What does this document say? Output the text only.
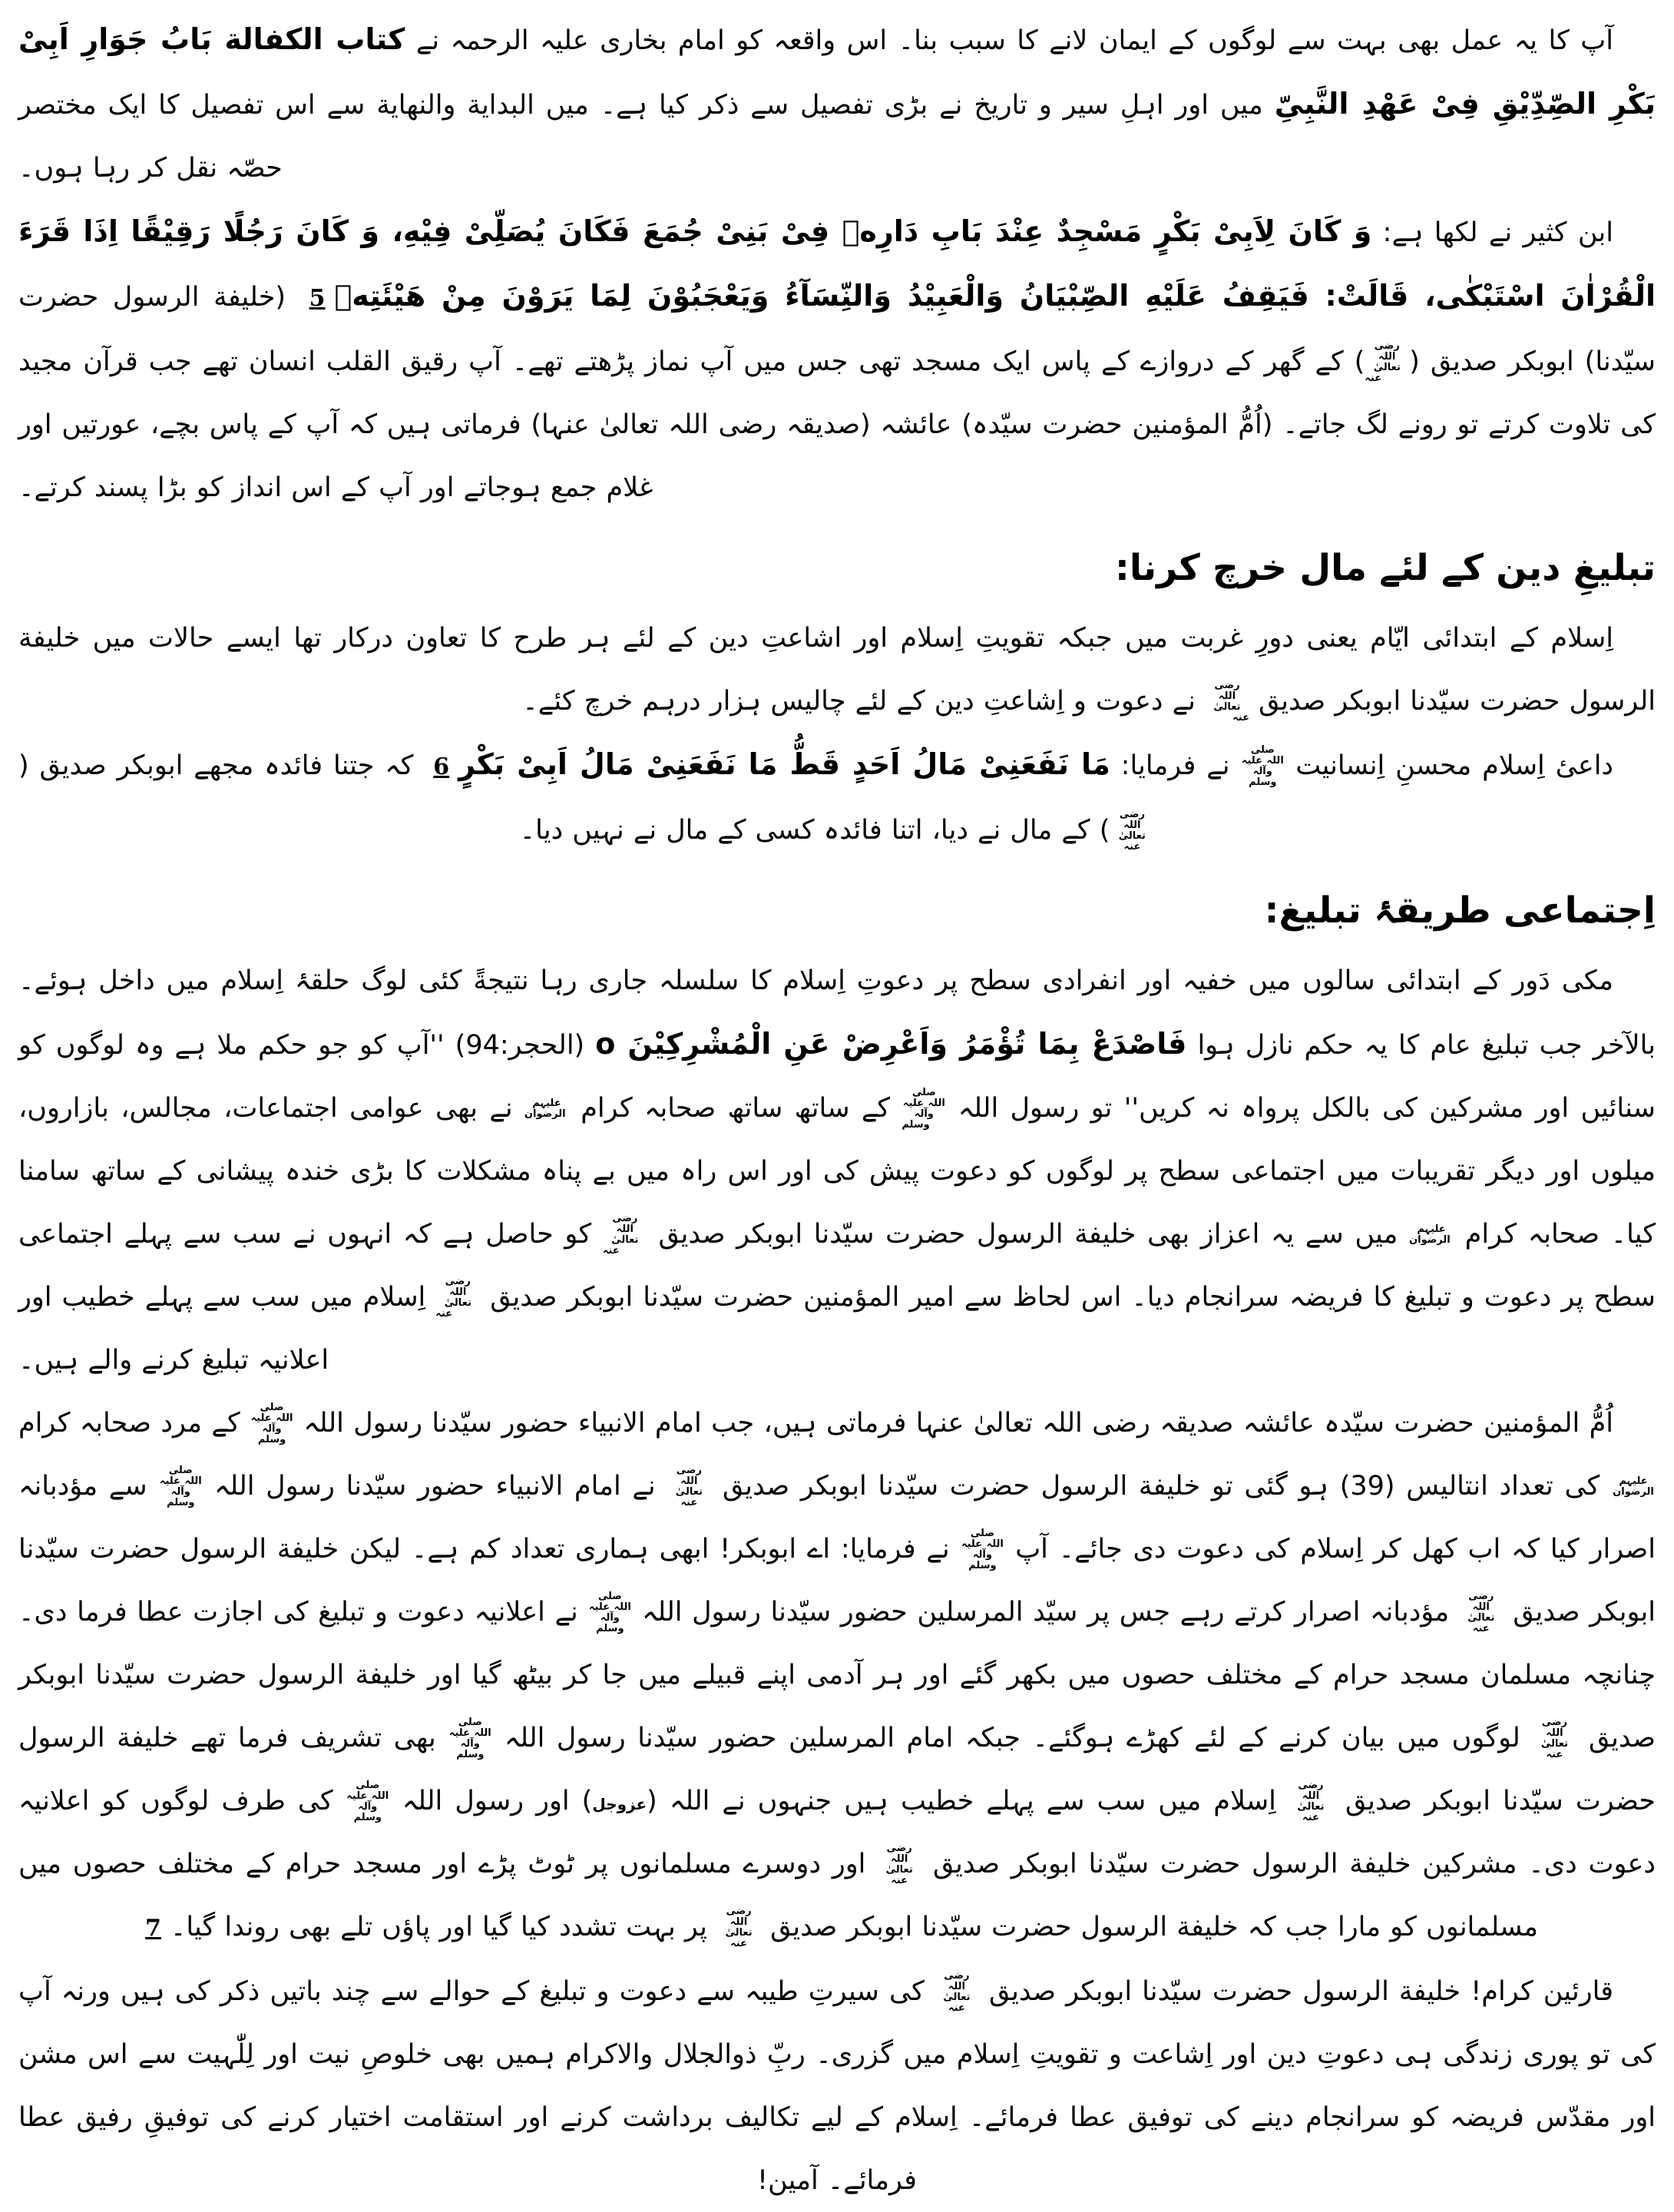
آپ کا یہ عمل بھی بہت سے لوگوں کے ایمان لانے کا سبب بنا۔ اس واقعہ کو امام بخاری علیہ الرحمہ نے کتاب الکفالة بَابُ جَوَارِ اَبِیْ بَکْرِ الصِّدِّیْقِ فِیْ عَهْدِ النَّبِیِّ میں اور اہلِ سیر و تاریخ نے بڑی تفصیل سے ذکر کیا ہے۔ میں البدایة والنهایة سے اس تفصیل کا ایک مختصر حصّہ نقل کر رہا ہوں۔

ابن کثیر نے لکھا ہے: وَ کَانَ لِاَبِیْ بَکْرٍ مَسْجِدٌ عِنْدَ بَابِ دَارِهٖ فِیْ بَنِیْ جُمَعَ فَکَانَ یُصَلِّیْ فِیْهِ، وَ کَانَ رَجُلًا رَقِیْقًا اِذَا قَرَءَ الْقُرْاٰنَ اسْتَبْکٰی، قَالَتْ: فَیَقِفُ عَلَیْهِ الصِّبْیَانُ وَالْعَبِیْدُ وَالنِّسَآءُ وَیَعْجَبُوْنَ لِمَا یَرَوْنَ مِنْ هَیْئَتِهٖ5 (خلیفة الرسول حضرت سیّدنا) ابوبکر صدیق (رضی اللہ تعالیٰ عنہ) کے گھر کے دروازے کے پاس ایک مسجد تھی جس میں آپ نماز پڑھتے تھے۔ آپ رقیق القلب انسان تھے جب قرآن مجید کی تلاوت کرتے تو رونے لگ جاتے۔ (اُمُّ المؤمنین حضرت سیّدہ) عائشہ (صدیقہ رضی اللہ تعالیٰ عنہا) فرماتی ہیں کہ آپ کے پاس بچے، عورتیں اور غلام جمع ہوجاتے اور آپ کے اس انداز کو بڑا پسند کرتے۔

تبلیغِ دین کے لئے مال خرچ کرنا:

اِسلام کے ابتدائی ایّام یعنی دورِ غربت میں جبکہ تقویتِ اِسلام اور اشاعتِ دین کے لئے ہر طرح کا تعاون درکار تھا ایسے حالات میں خلیفة الرسول حضرت سیّدنا ابوبکر صدیق رضی اللہ تعالیٰ عنہ نے دعوت و اِشاعتِ دین کے لئے چالیس ہزار درہم خرچ کئے۔

داعیٔ اِسلام محسنِ اِنسانیت صلی اللہ علیہ وآلہ وسلم نے فرمایا: مَا نَفَعَنِیْ مَالُ اَحَدٍ قَطُّ مَا نَفَعَنِیْ مَالُ اَبِیْ بَکْرٍ6 کہ جتنا فائدہ مجھے ابوبکر صدیق (رضی اللہ تعالیٰ عنہ) کے مال نے دیا، اتنا فائدہ کسی کے مال نے نہیں دیا۔

اِجتماعی طریقۂ تبلیغ:

مکی دَور کے ابتدائی سالوں میں خفیہ اور انفرادی سطح پر دعوتِ اِسلام کا سلسلہ جاری رہا نتیجةً کئی لوگ حلقۂ اِسلام میں داخل ہوئے۔ بالآخر جب تبلیغ عام کا یہ حکم نازل ہوا فَاصْدَعْ بِمَا تُؤْمَرُ وَاَعْرِضْ عَنِ الْمُشْرِکِیْنَ o (الحجر:94) ''آپ کو جو حکم ملا ہے وہ لوگوں کو سنائیں اور مشرکین کی بالکل پرواہ نہ کریں'' تو رسول اللہ صلی اللہ علیہ وآلہ وسلم کے ساتھ ساتھ صحابہ کرام علیہم الرضوان نے بھی عوامی اجتماعات، مجالس، بازاروں، میلوں اور دیگر تقریبات میں اجتماعی سطح پر لوگوں کو دعوت پیش کی اور اس راہ میں بے پناہ مشکلات کا بڑی خندہ پیشانی کے ساتھ سامنا کیا۔ صحابہ کرام علیہم الرضوان میں سے یہ اعزاز بھی خلیفة الرسول حضرت سیّدنا ابوبکر صدیق رضی اللہ تعالیٰ عنہ کو حاصل ہے کہ انہوں نے سب سے پہلے اجتماعی سطح پر دعوت و تبلیغ کا فریضہ سرانجام دیا۔ اس لحاظ سے امیر المؤمنین حضرت سیّدنا ابوبکر صدیق رضی اللہ تعالیٰ عنہ اِسلام میں سب سے پہلے خطیب اور اعلانیہ تبلیغ کرنے والے ہیں۔

اُمُّ المؤمنین حضرت سیّدہ عائشہ صدیقہ رضی اللہ تعالیٰ عنہا فرماتی ہیں، جب امام الانبیاء حضور سیّدنا رسول اللہ صلی اللہ علیہ وآلہ وسلم کے مرد صحابہ کرام علیہم الرضوان کی تعداد انتالیس (39) ہو گئی تو خلیفة الرسول حضرت سیّدنا ابوبکر صدیق رضی اللہ تعالیٰ عنہ نے امام الانبیاء حضور سیّدنا رسول اللہ صلی اللہ علیہ وآلہ وسلم سے مؤدبانہ اصرار کیا کہ اب کھل کر اِسلام کی دعوت دی جائے۔ آپ صلی اللہ علیہ وآلہ وسلم نے فرمایا: اے ابوبکر! ابھی ہماری تعداد کم ہے۔ لیکن خلیفة الرسول حضرت سیّدنا ابوبکر صدیق رضی اللہ تعالیٰ عنہ مؤدبانہ اصرار کرتے رہے جس پر سیّد المرسلین حضور سیّدنا رسول اللہ صلی اللہ علیہ وآلہ وسلم نے اعلانیہ دعوت و تبلیغ کی اجازت عطا فرما دی۔ چنانچہ مسلمان مسجد حرام کے مختلف حصوں میں بکھر گئے اور ہر آدمی اپنے قبیلے میں جا کر بیٹھ گیا اور خلیفة الرسول حضرت سیّدنا ابوبکر صدیق رضی اللہ تعالیٰ عنہ لوگوں میں بیان کرنے کے لئے کھڑے ہوگئے۔ جبکہ امام المرسلین حضور سیّدنا رسول اللہ صلی اللہ علیہ وآلہ وسلم بھی تشریف فرما تھے خلیفة الرسول حضرت سیّدنا ابوبکر صدیق رضی اللہ تعالیٰ عنہ اِسلام میں سب سے پہلے خطیب ہیں جنہوں نے اللہ (عزوجل) اور رسول اللہ صلی اللہ علیہ وآلہ وسلم کی طرف لوگوں کو اعلانیہ دعوت دی۔ مشرکین خلیفة الرسول حضرت سیّدنا ابوبکر صدیق رضی اللہ تعالیٰ عنہ اور دوسرے مسلمانوں پر ٹوٹ پڑے اور مسجد حرام کے مختلف حصوں میں مسلمانوں کو مارا جب کہ خلیفة الرسول حضرت سیّدنا ابوبکر صدیق رضی اللہ تعالیٰ عنہ پر بہت تشدد کیا گیا اور پاؤں تلے بھی روندا گیا۔7

قارئین کرام! خلیفة الرسول حضرت سیّدنا ابوبکر صدیق رضی اللہ تعالیٰ عنہ کی سیرتِ طیبہ سے دعوت و تبلیغ کے حوالے سے چند باتیں ذکر کی ہیں ورنہ آپ کی تو پوری زندگی ہی دعوتِ دین اور اِشاعت و تقویتِ اِسلام میں گزری۔ ربِّ ذوالجلال والاکرام ہمیں بھی خلوصِ نیت اور لِلّٰہیت سے اس مشن اور مقدّس فریضہ کو سرانجام دینے کی توفیق عطا فرمائے۔ اِسلام کے لیے تکالیف برداشت کرنے اور استقامت اختیار کرنے کی توفیقِ رفیق عطا فرمائے۔ آمین!
